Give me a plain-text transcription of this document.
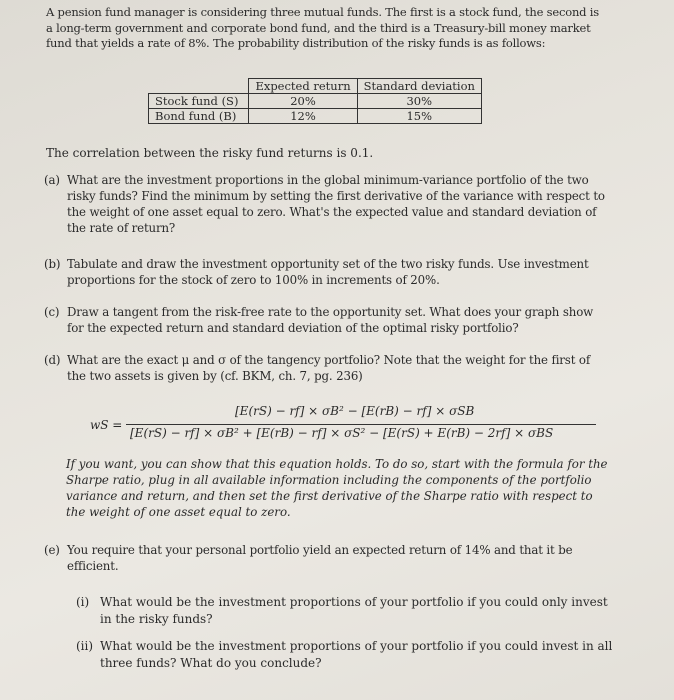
A pension fund manager is considering three mutual funds. The first is a stock fund, the second is a long-term government and corporate bond fund, and the third is a Treasury-bill money market fund that yields a rate of 8%. The probability distribution of the risky funds is as follows:

	Expected return	Standard deviation
Stock fund (S)	20%	30%
Bond fund (B)	12%	15%

The correlation between the risky fund returns is 0.1.

(a) What are the investment proportions in the global minimum-variance portfolio of the two risky funds? Find the minimum by setting the first derivative of the variance with respect to the weight of one asset equal to zero. What's the expected value and standard deviation of the rate of return?

(b) Tabulate and draw the investment opportunity set of the two risky funds. Use investment proportions for the stock of zero to 100% in increments of 20%.

(c) Draw a tangent from the risk-free rate to the opportunity set. What does your graph show for the expected return and standard deviation of the optimal risky portfolio?

(d) What are the exact μ and σ of the tangency portfolio? Note that the weight for the first of the two assets is given by (cf. BKM, ch. 7, pg. 236)

wS =
[E(rS) − rf] × σB² − [E(rB) − rf] × σSB
[E(rS) − rf] × σB² + [E(rB) − rf] × σS² − [E(rS) + E(rB) − 2rf] × σBS

If you want, you can show that this equation holds. To do so, start with the formula for the Sharpe ratio, plug in all available information including the components of the portfolio variance and return, and then set the first derivative of the Sharpe ratio with respect to the weight of one asset equal to zero.

(e) You require that your personal portfolio yield an expected return of 14% and that it be efficient.

(i) What would be the investment proportions of your portfolio if you could only invest in the risky funds?

(ii) What would be the investment proportions of your portfolio if you could invest in all three funds? What do you conclude?
